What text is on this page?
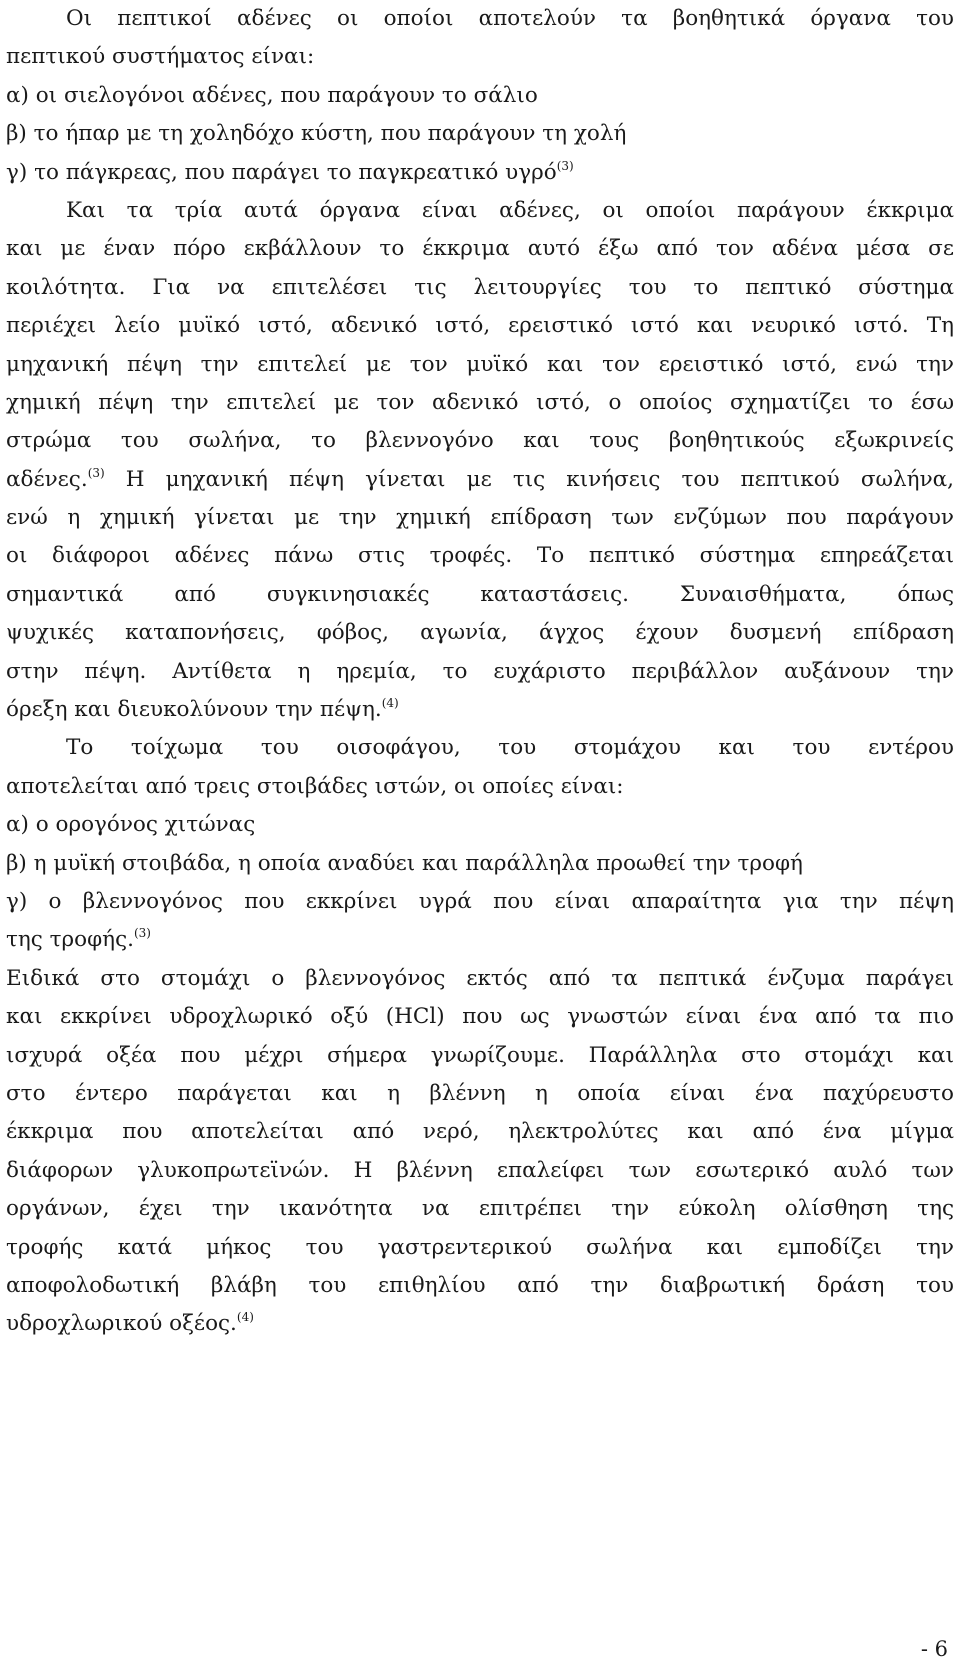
Οι πεπτικοί αδένες οι οποίοι αποτελούν τα βοηθητικά όργανα του
πεπτικού συστήματος είναι:
α) οι σιελογόνοι αδένες, που παράγουν το σάλιο
β) το ήπαρ με τη χοληδόχο κύστη, που παράγουν τη χολή
γ) το πάγκρεας, που παράγει το παγκρεατικό υγρό$^{(3)}$
Και τα τρία αυτά όργανα είναι αδένες, οι οποίοι παράγουν έκκριμα
και με έναν πόρο εκβάλλουν το έκκριμα αυτό έξω από τον αδένα μέσα σε
κοιλότητα. Για να επιτελέσει τις λειτουργίες του το πεπτικό σύστημα
περιέχει λείο μυϊκό ιστό, αδενικό ιστό, ερειστικό ιστό και νευρικό ιστό. Τη
μηχανική πέψη την επιτελεί με τον μυϊκό και τον ερειστικό ιστό, ενώ την
χημική πέψη την επιτελεί με τον αδενικό ιστό, ο οποίος σχηματίζει το έσω
στρώμα του σωλήνα, το βλεννογόνο και τους βοηθητικούς εξωκρινείς
αδένες.$^{(3)}$ Η μηχανική πέψη γίνεται με τις κινήσεις του πεπτικού σωλήνα,
ενώ η χημική γίνεται με την χημική επίδραση των ενζύμων που παράγουν
οι διάφοροι αδένες πάνω στις τροφές. Το πεπτικό σύστημα επηρεάζεται
σημαντικά από συγκινησιακές καταστάσεις. Συναισθήματα, όπως
ψυχικές καταπονήσεις, φόβος, αγωνία, άγχος έχουν δυσμενή επίδραση
στην πέψη. Αντίθετα η ηρεμία, το ευχάριστο περιβάλλον αυξάνουν την
όρεξη και διευκολύνουν την πέψη.$^{(4)}$
Το τοίχωμα του οισοφάγου, του στομάχου και του εντέρου
αποτελείται από τρεις στοιβάδες ιστών, οι οποίες είναι:
α) ο ορογόνος χιτώνας
β) η μυϊκή στοιβάδα, η οποία αναδύει και παράλληλα προωθεί την τροφή
γ) ο βλεννογόνος που εκκρίνει υγρά που είναι απαραίτητα για την πέψη
της τροφής.$^{(3)}$
Ειδικά στο στομάχι ο βλεννογόνος εκτός από τα πεπτικά ένζυμα παράγει
και εκκρίνει υδροχλωρικό οξύ (HCl) που ως γνωστών είναι ένα από τα πιο
ισχυρά οξέα που μέχρι σήμερα γνωρίζουμε. Παράλληλα στο στομάχι και
στο έντερο παράγεται και η βλέννη η οποία είναι ένα παχύρευστο
έκκριμα που αποτελείται από νερό, ηλεκτρολύτες και από ένα μίγμα
διάφορων γλυκοπρωτεϊνών. Η βλέννη επαλείφει των εσωτερικό αυλό των
οργάνων, έχει την ικανότητα να επιτρέπει την εύκολη ολίσθηση της
τροφής κατά μήκος του γαστρεντερικού σωλήνα και εμποδίζει την
αποφολοδωτική βλάβη του επιθηλίου από την διαβρωτική δράση του
υδροχλωρικού οξέος.$^{(4)}$
- 6
